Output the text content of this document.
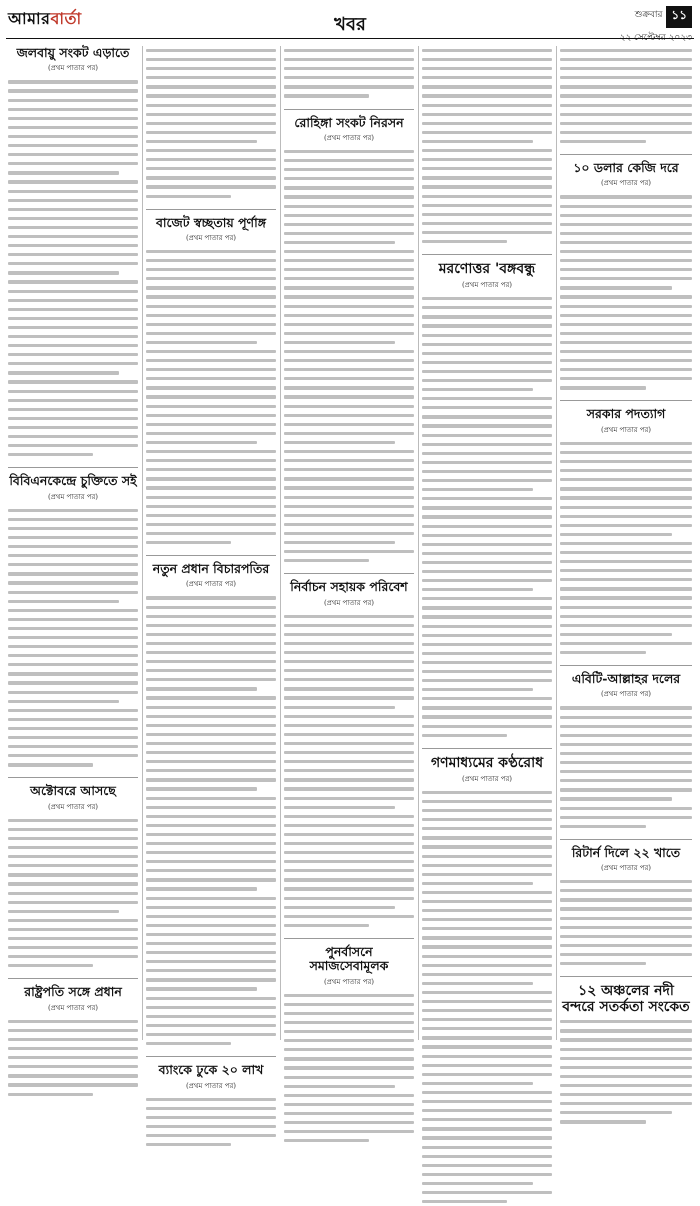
আমারবার্তা	খবর	শুক্রবার ১১
২২ সেপ্টেম্বর ২০২৩
জলবায়ু সংকট এড়াতে
(প্রথম পাতার পর)
বিবিএনকেন্দ্রে চুক্তিতে সই
(প্রথম পাতার পর)
অক্টোবরে আসছে
(প্রথম পাতার পর)
রাষ্ট্রপতি সঙ্গে প্রধান
(প্রথম পাতার পর)
বাজেট স্বচ্ছতায় পূর্ণাঙ্গ
(প্রথম পাতার পর)
নতুন প্রধান বিচারপতির
(প্রথম পাতার পর)
ব্যাংকে ঢুকে ২০ লাখ
(প্রথম পাতার পর)
রোহিঙ্গা সংকট নিরসন
(প্রথম পাতার পর)
নির্বাচন সহায়ক পরিবেশ
(প্রথম পাতার পর)
পুনর্বাসনে সমাজসেবামূলক
(প্রথম পাতার পর)
মরণোত্তর 'বঙ্গবন্ধু
(প্রথম পাতার পর)
গণমাধ্যমের কণ্ঠরোধ
(প্রথম পাতার পর)
১০ ডলার কেজি দরে
(প্রথম পাতার পর)
সরকার পদত্যাগ
(প্রথম পাতার পর)
এবিটি-আল্লাহর দলের
(প্রথম পাতার পর)
রিটার্ন দিলে ২২ খাতে
(প্রথম পাতার পর)
১২ অঞ্চলের নদী বন্দরে সতর্কতা সংকেত
